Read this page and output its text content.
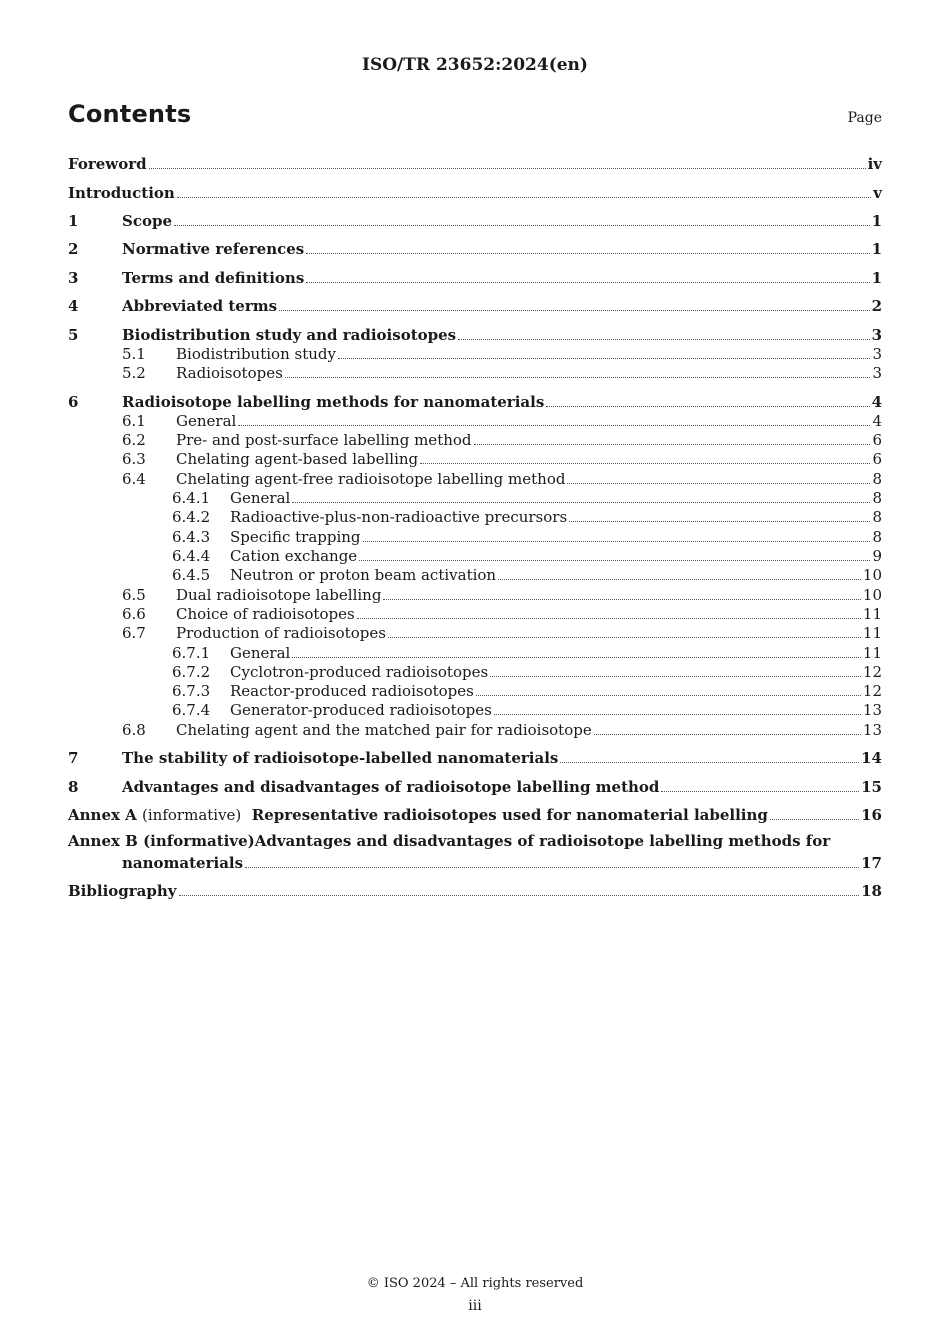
ISO/TR 23652:2024(en)
Contents	Page
Foreword	iv
Introduction	v
1	Scope	1
2	Normative references	1
3	Terms and definitions	1
4	Abbreviated terms	2
5	Biodistribution study and radioisotopes	3
5.1	Biodistribution study	3
5.2	Radioisotopes	3
6	Radioisotope labelling methods for nanomaterials	4
6.1	General	4
6.2	Pre- and post-surface labelling method	6
6.3	Chelating agent-based labelling	6
6.4	Chelating agent-free radioisotope labelling method	8
6.4.1	General	8
6.4.2	Radioactive-plus-non-radioactive precursors	8
6.4.3	Specific trapping	8
6.4.4	Cation exchange	9
6.4.5	Neutron or proton beam activation	10
6.5	Dual radioisotope labelling	10
6.6	Choice of radioisotopes	11
6.7	Production of radioisotopes	11
6.7.1	General	11
6.7.2	Cyclotron-produced radioisotopes	12
6.7.3	Reactor-produced radioisotopes	12
6.7.4	Generator-produced radioisotopes	13
6.8	Chelating agent and the matched pair for radioisotope	13
7	The stability of radioisotope-labelled nanomaterials	14
8	Advantages and disadvantages of radioisotope labelling method	15
Annex A (informative) Representative radioisotopes used for nanomaterial labelling	16
Annex B (informative) Advantages and disadvantages of radioisotope labelling methods for
nanomaterials	17
Bibliography	18
© ISO 2024 – All rights reserved
iii
